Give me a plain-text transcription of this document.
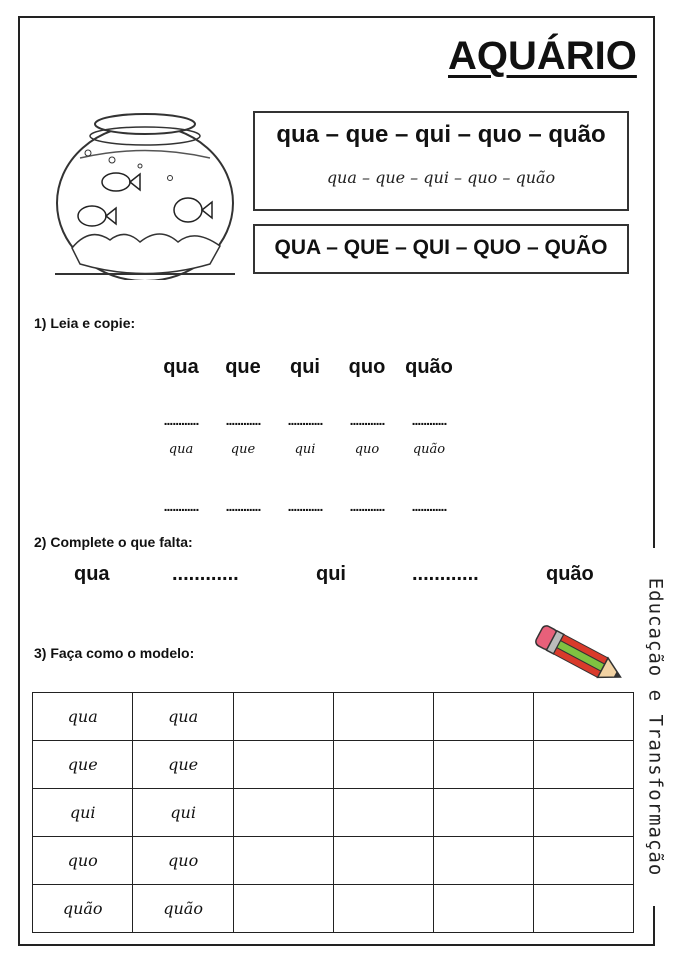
Educação e Transformação
AQUÁRIO
qua – que – qui – quo – quão
qua – que – qui – quo – quão
QUA – QUE – QUI – QUO – QUÃO
1) Leia e copie:
qua	que	qui	quo quão
............	............	............	............	............
qua	que	qui	quo	quão
............	............	............	............	............
2) Complete o que falta:
qua	............	qui	............	quão
3) Faça como o modelo:
qua	qua				
que	que				
qui	qui				
quo	quo				
quão	quão				
